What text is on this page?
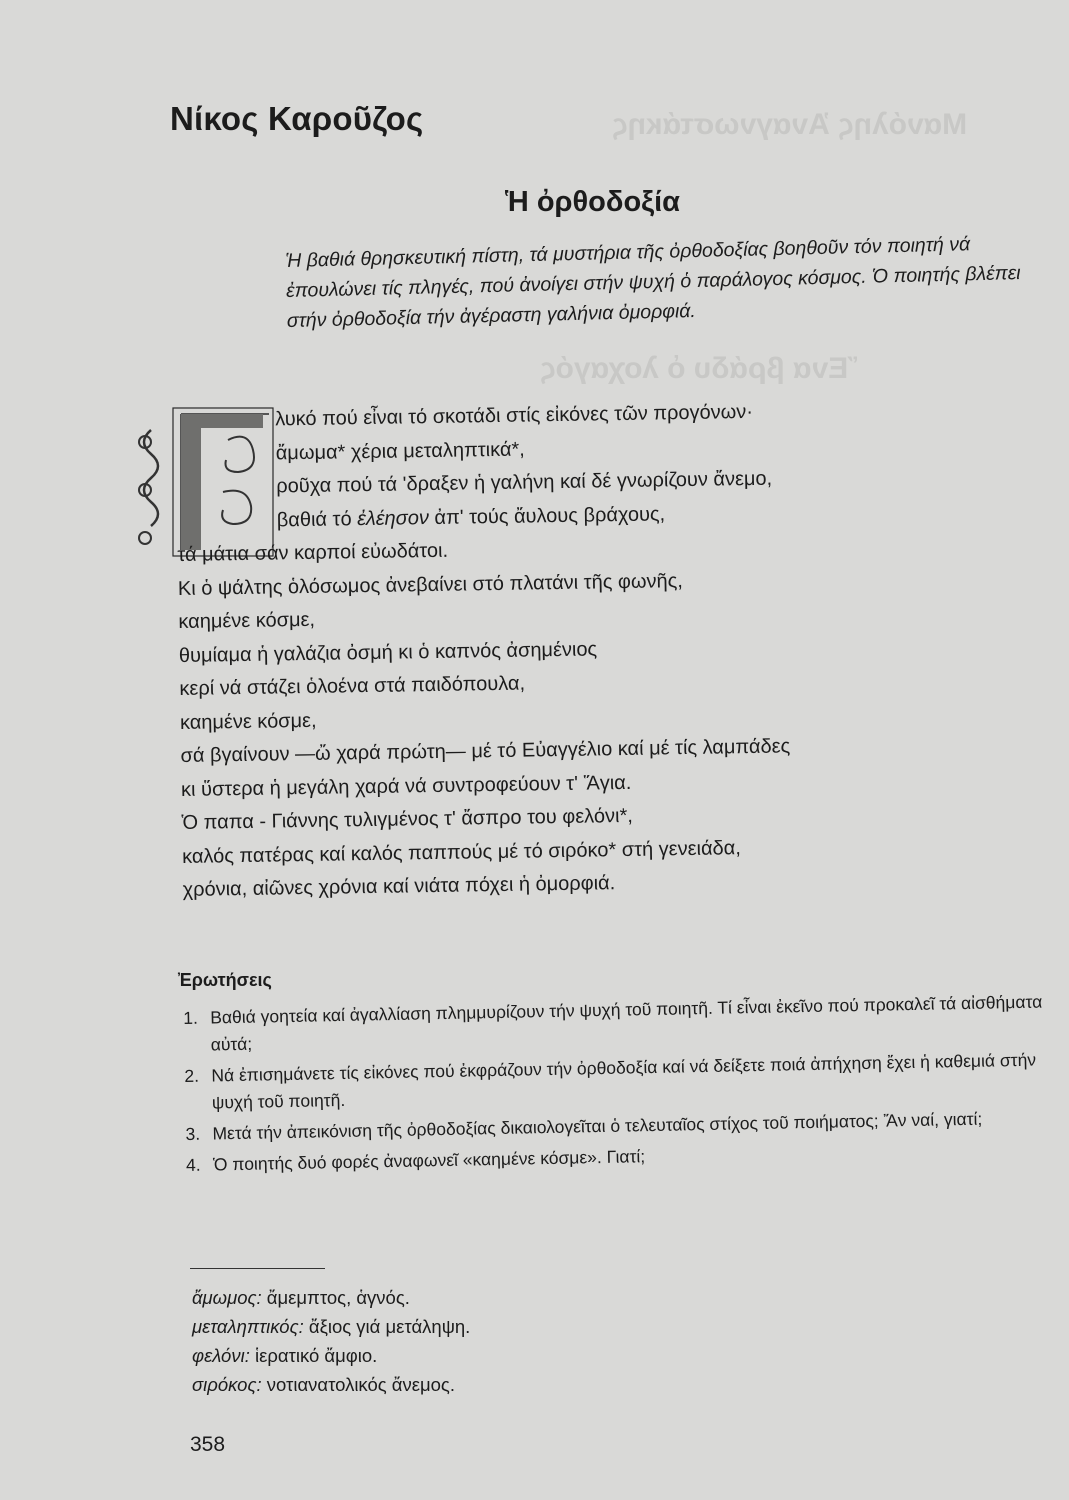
Μανόλης Ἀναγνωστάκης
Ἕνα βράδυ ὁ λοχαγός
Νίκος Καροῦζος
Ἡ ὀρθοδοξία
Ἡ βαθιά θρησκευτική πίστη, τά μυστήρια τῆς ὀρθοδοξίας βοηθοῦν τόν ποιητή νά ἐπουλώνει τίς πληγές, πού ἀνοίγει στήν ψυχή ὁ παράλογος κόσμος. Ὁ ποιητής βλέπει στήν ὀρθοδοξία τήν ἀγέραστη γαλήνια ὀμορφιά.
λυκό πού εἶναι τό σκοτάδι στίς εἰκόνες τῶν προγόνων·
ἄμωμα* χέρια μεταληπτικά*,
ροῦχα πού τά 'δραξεν ἡ γαλήνη καί δέ γνωρίζουν ἄνεμο,
βαθιά τό ἐλέησον ἀπ' τούς ἄυλους βράχους,
τά μάτια σάν καρποί εὐωδάτοι.
Κι ὁ ψάλτης ὁλόσωμος ἀνεβαίνει στό πλατάνι τῆς φωνῆς,
καημένε κόσμε,
θυμίαμα ἡ γαλάζια ὀσμή κι ὁ καπνός ἀσημένιος
κερί νά στάζει ὁλοένα στά παιδόπουλα,
καημένε κόσμε,
σά βγαίνουν —ὤ χαρά πρώτη— μέ τό Εὐαγγέλιο καί μέ τίς λαμπάδες
κι ὕστερα ἡ μεγάλη χαρά νά συντροφεύουν τ' Ἅγια.
Ὁ παπα - Γιάννης τυλιγμένος τ' ἄσπρο του φελόνι*,
καλός πατέρας καί καλός παππούς μέ τό σιρόκο* στή γενειάδα,
χρόνια, αἰῶνες χρόνια καί νιάτα πόχει ἡ ὀμορφιά.
Ἐρωτήσεις
1. Βαθιά γοητεία καί ἀγαλλίαση πλημμυρίζουν τήν ψυχή τοῦ ποιητῆ. Τί εἶναι ἐκεῖνο πού προκαλεῖ τά αἰσθήματα αὐτά;
2. Νά ἐπισημάνετε τίς εἰκόνες πού ἐκφράζουν τήν ὀρθοδοξία καί νά δείξετε ποιά ἀπήχηση ἔχει ἡ καθεμιά στήν ψυχή τοῦ ποιητῆ.
3. Μετά τήν ἀπεικόνιση τῆς ὀρθοδοξίας δικαιολογεῖται ὁ τελευταῖος στίχος τοῦ ποιήματος; Ἄν ναί, γιατί;
4. Ὁ ποιητής δυό φορές ἀναφωνεῖ «καημένε κόσμε». Γιατί;
ἄμωμος: ἄμεμπτος, ἁγνός.
μεταληπτικός: ἄξιος γιά μετάληψη.
φελόνι: ἱερατικό ἄμφιο.
σιρόκος: νοτιανατολικός ἄνεμος.
358
